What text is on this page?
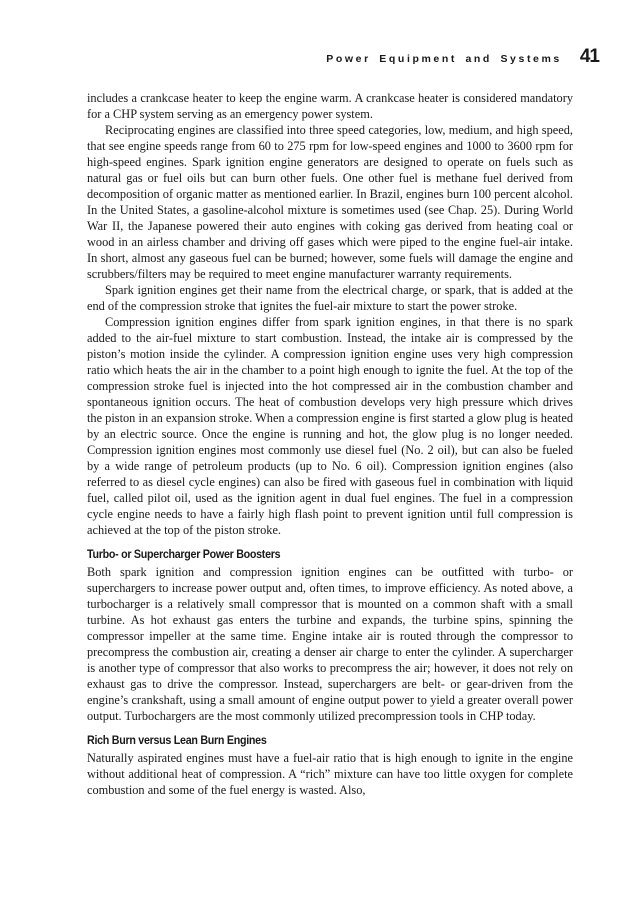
Power Equipment and Systems 41

includes a crankcase heater to keep the engine warm. A crankcase heater is considered mandatory for a CHP system serving as an emergency power system.

Reciprocating engines are classified into three speed categories, low, medium, and high speed, that see engine speeds range from 60 to 275 rpm for low-speed engines and 1000 to 3600 rpm for high-speed engines. Spark ignition engine generators are designed to operate on fuels such as natural gas or fuel oils but can burn other fuels. One other fuel is methane fuel derived from decomposition of organic matter as mentioned earlier. In Brazil, engines burn 100 percent alcohol. In the United States, a gasoline-alcohol mixture is sometimes used (see Chap. 25). During World War II, the Japanese powered their auto engines with coking gas derived from heating coal or wood in an airless chamber and driving off gases which were piped to the engine fuel-air intake. In short, almost any gaseous fuel can be burned; however, some fuels will damage the engine and scrubbers/filters may be required to meet engine manufacturer warranty requirements.

Spark ignition engines get their name from the electrical charge, or spark, that is added at the end of the compression stroke that ignites the fuel-air mixture to start the power stroke.

Compression ignition engines differ from spark ignition engines, in that there is no spark added to the air-fuel mixture to start combustion. Instead, the intake air is compressed by the piston’s motion inside the cylinder. A compression ignition engine uses very high compression ratio which heats the air in the chamber to a point high enough to ignite the fuel. At the top of the compression stroke fuel is injected into the hot compressed air in the combustion chamber and spontaneous ignition occurs. The heat of combustion develops very high pressure which drives the piston in an expansion stroke. When a compression engine is first started a glow plug is heated by an electric source. Once the engine is running and hot, the glow plug is no longer needed. Compression ignition engines most commonly use diesel fuel (No. 2 oil), but can also be fueled by a wide range of petroleum products (up to No. 6 oil). Compression ignition engines (also referred to as diesel cycle engines) can also be fired with gaseous fuel in combination with liquid fuel, called pilot oil, used as the ignition agent in dual fuel engines. The fuel in a compression cycle engine needs to have a fairly high flash point to prevent ignition until full compression is achieved at the top of the piston stroke.

Turbo- or Supercharger Power Boosters

Both spark ignition and compression ignition engines can be outfitted with turbo- or superchargers to increase power output and, often times, to improve efficiency. As noted above, a turbocharger is a relatively small compressor that is mounted on a common shaft with a small turbine. As hot exhaust gas enters the turbine and expands, the turbine spins, spinning the compressor impeller at the same time. Engine intake air is routed through the compressor to precompress the combustion air, creating a denser air charge to enter the cylinder. A supercharger is another type of compressor that also works to precompress the air; however, it does not rely on exhaust gas to drive the compressor. Instead, superchargers are belt- or gear-driven from the engine’s crankshaft, using a small amount of engine output power to yield a greater overall power output. Turbochargers are the most commonly utilized precompression tools in CHP today.

Rich Burn versus Lean Burn Engines

Naturally aspirated engines must have a fuel-air ratio that is high enough to ignite in the engine without additional heat of compression. A “rich” mixture can have too little oxygen for complete combustion and some of the fuel energy is wasted. Also,
